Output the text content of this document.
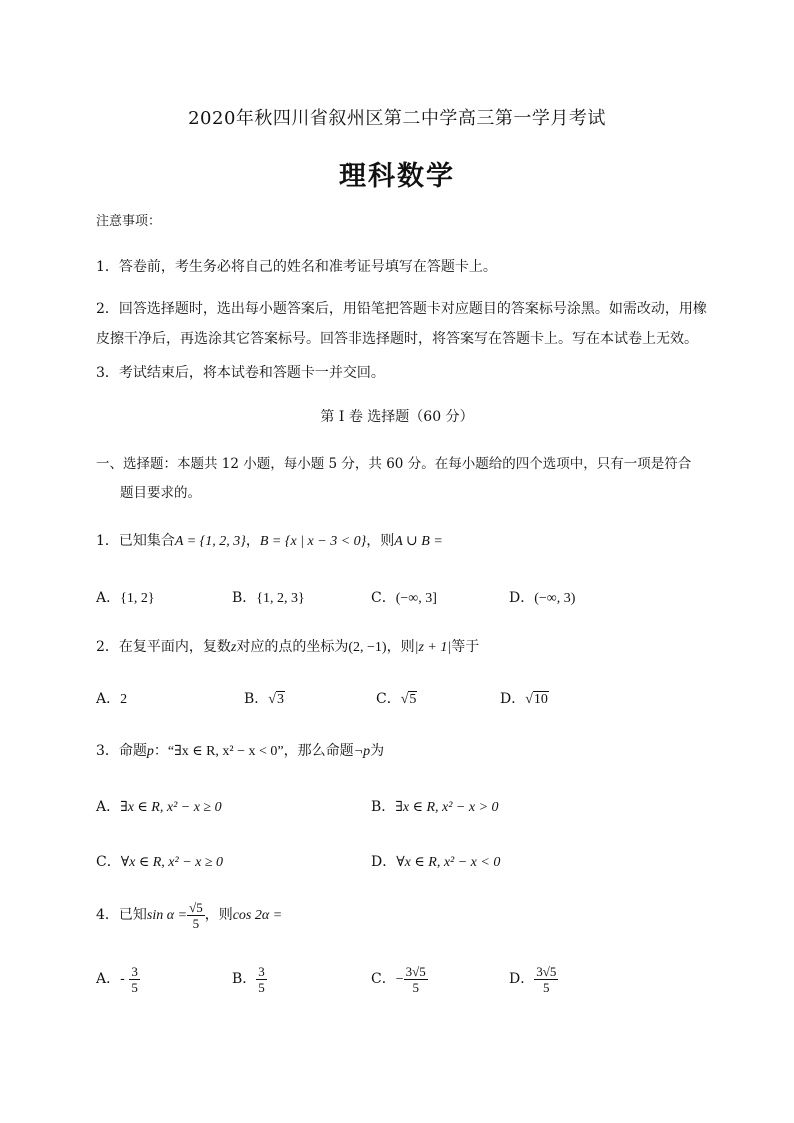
2020年秋四川省叙州区第二中学高三第一学月考试
理科数学
注意事项：
1．答卷前，考生务必将自己的姓名和准考证号填写在答题卡上。
2．回答选择题时，选出每小题答案后，用铅笔把答题卡对应题目的答案标号涂黑。如需改动，用橡
皮擦干净后，再选涂其它答案标号。回答非选择题时，将答案写在答题卡上。写在本试卷上无效。
3．考试结束后，将本试卷和答题卡一并交回。
第 I 卷 选择题（60 分）
一、选择题：本题共 12 小题，每小题 5 分，共 60 分。在每小题给的四个选项中，只有一项是符合
题目要求的。
1．已知集合A = {1, 2, 3}，B = {x | x − 3 < 0}，则A ∪ B =
A．{1, 2}	B．{1, 2, 3}	C．(−∞, 3]	D．(−∞, 3)
2．在复平面内，复数z对应的点的坐标为(2, −1)，则|z + 1|等于
A．2	B．√3	C．√5	D．√10
3．命题p：“∃x ∈ R, x² − x < 0”，那么命题¬p为
A．∃x ∈ R, x² − x ≥ 0	B．∃x ∈ R, x² − x > 0
C．∀x ∈ R, x² − x ≥ 0	D．∀x ∈ R, x² − x < 0
4．已知$\sin \alpha = \frac{√5}{5}$ ，则cos 2α =
A．- $\frac{3}{5}$	B． $\frac{3}{5}$	C．− $\frac{3√5}{5}$	D． $\frac{3√5}{5}$
